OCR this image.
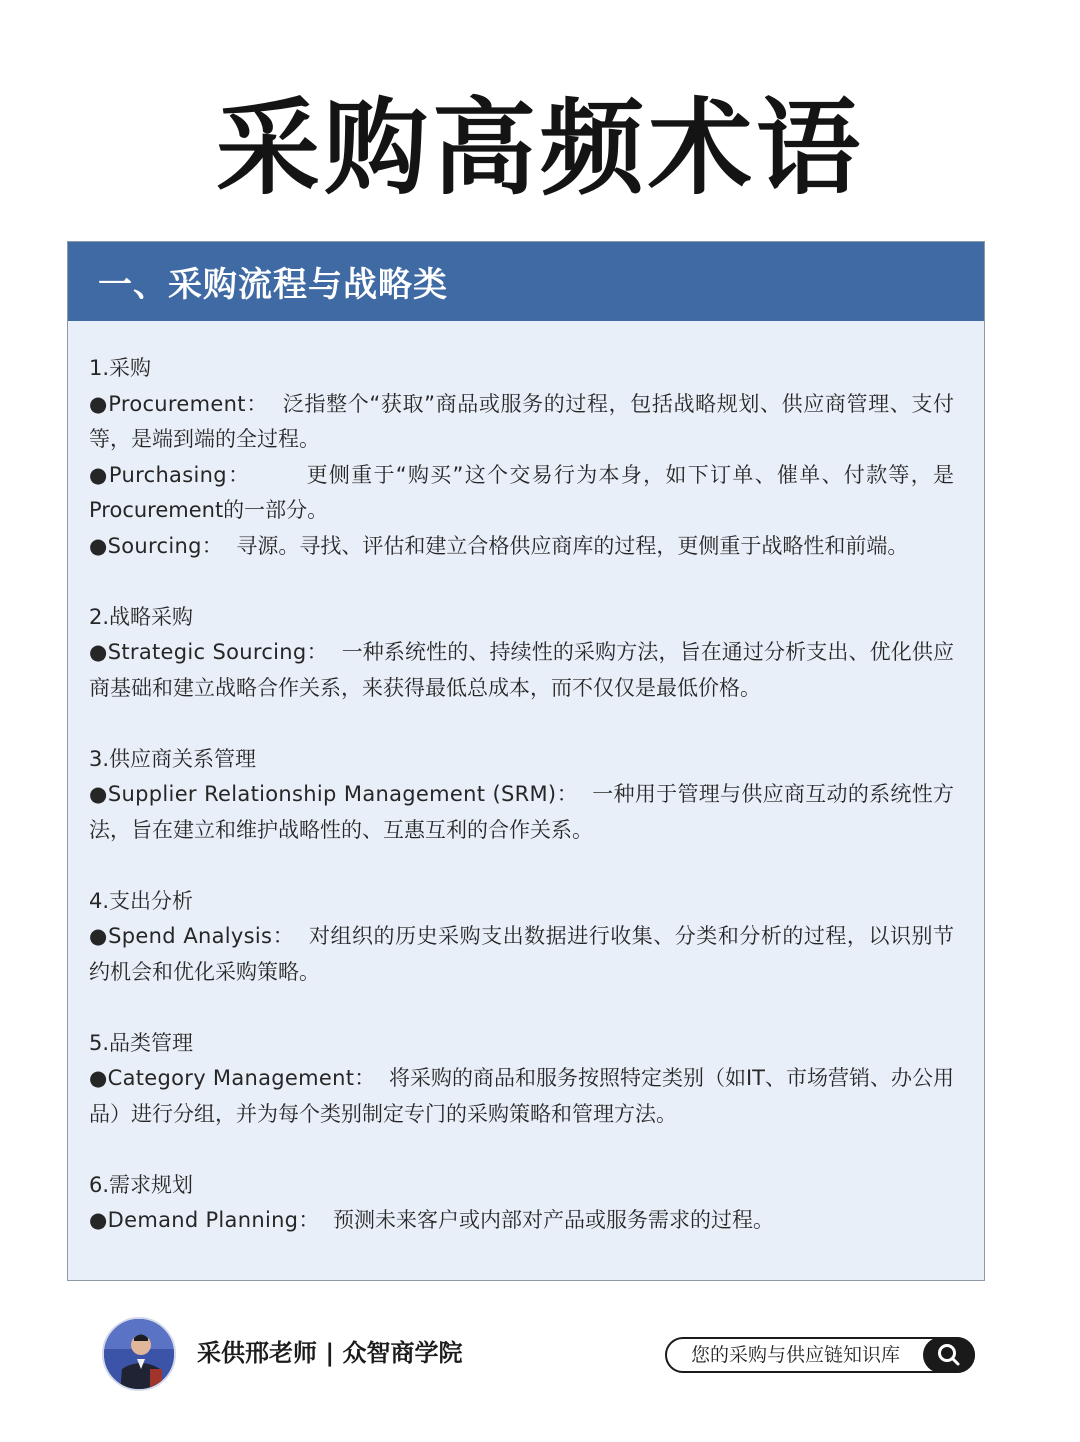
采购高频术语
一、采购流程与战略类
1.采购
●Procurement： 泛指整个“获取”商品或服务的过程，包括战略规划、供应商管理、支付等，是端到端的全过程。
●Purchasing：	更侧重于“购买”这个交易行为本身，如下订单、催单、付款等，是Procurement的一部分。
●Sourcing： 寻源。寻找、评估和建立合格供应商库的过程，更侧重于战略性和前端。
2.战略采购
●Strategic Sourcing： 一种系统性的、持续性的采购方法，旨在通过分析支出、优化供应商基础和建立战略合作关系，来获得最低总成本，而不仅仅是最低价格。
3.供应商关系管理
●Supplier Relationship Management (SRM)： 一种用于管理与供应商互动的系统性方法，旨在建立和维护战略性的、互惠互利的合作关系。
4.支出分析
●Spend Analysis： 对组织的历史采购支出数据进行收集、分类和分析的过程，以识别节约机会和优化采购策略。
5.品类管理
●Category Management： 将采购的商品和服务按照特定类别（如IT、市场营销、办公用品）进行分组，并为每个类别制定专门的采购策略和管理方法。
6.需求规划
●Demand Planning： 预测未来客户或内部对产品或服务需求的过程。
采供邢老师 | 众智商学院	您的采购与供应链知识库
